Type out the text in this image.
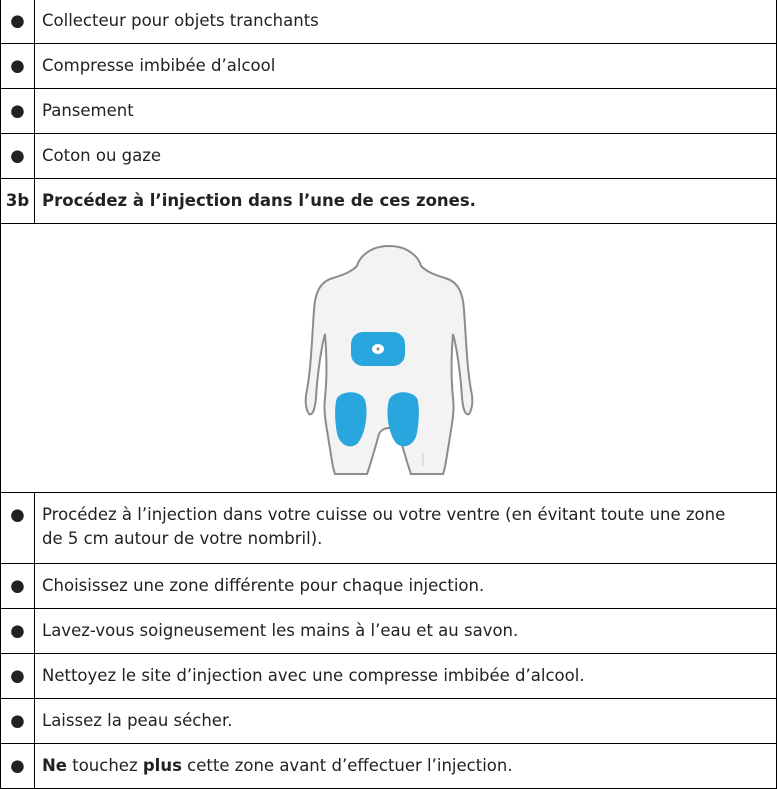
●	Collecteur pour objets tranchants
●	Compresse imbibée d’alcool
●	Pansement
●	Coton ou gaze
3b	Procédez à l’injection dans l’une de ces zones.

●	Procédez à l’injection dans votre cuisse ou votre ventre (en évitant toute une zone de 5 cm autour de votre nombril).
●	Choisissez une zone différente pour chaque injection.
●	Lavez-vous soigneusement les mains à l’eau et au savon.
●	Nettoyez le site d’injection avec une compresse imbibée d’alcool.
●	Laissez la peau sécher.
●	Ne touchez plus cette zone avant d’effectuer l’injection.
